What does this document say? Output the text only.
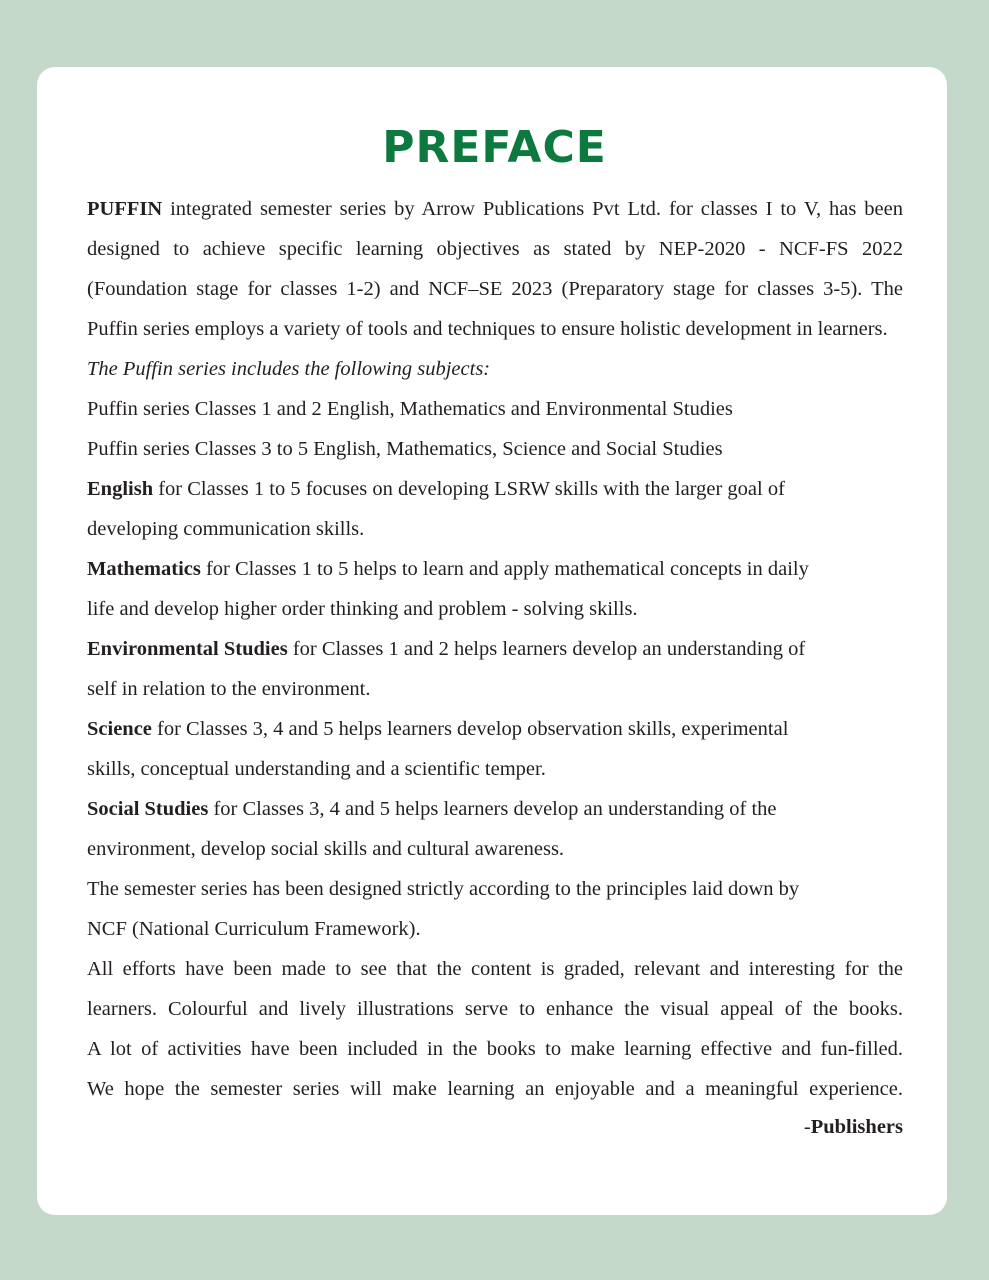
PREFACE

PUFFIN integrated semester series by Arrow Publications Pvt Ltd. for classes I to V, has been designed to achieve specific learning objectives as stated by NEP-2020 - NCF-FS 2022 (Foundation stage for classes 1-2) and NCF–SE 2023 (Preparatory stage for classes 3-5). The Puffin series employs a variety of tools and techniques to ensure holistic development in learners.

The Puffin series includes the following subjects:

Puffin series Classes 1 and 2 English, Mathematics and Environmental Studies

Puffin series Classes 3 to 5 English, Mathematics, Science and Social Studies

English for Classes 1 to 5 focuses on developing LSRW skills with the larger goal of

developing communication skills.

Mathematics for Classes 1 to 5 helps to learn and apply mathematical concepts in daily

life and develop higher order thinking and problem - solving skills.

Environmental Studies for Classes 1 and 2 helps learners develop an understanding of

self in relation to the environment.

Science for Classes 3, 4 and 5 helps learners develop observation skills, experimental

skills, conceptual understanding and a scientific temper.

Social Studies for Classes 3, 4 and 5 helps learners develop an understanding of the

environment, develop social skills and cultural awareness.

The semester series has been designed strictly according to the principles laid down by

NCF (National Curriculum Framework).

All efforts have been made to see that the content is graded, relevant and interesting for the

learners. Colourful and lively illustrations serve to enhance the visual appeal of the books.

A lot of activities have been included in the books to make learning effective and fun-filled.

We hope the semester series will make learning an enjoyable and a meaningful experience.

-Publishers
